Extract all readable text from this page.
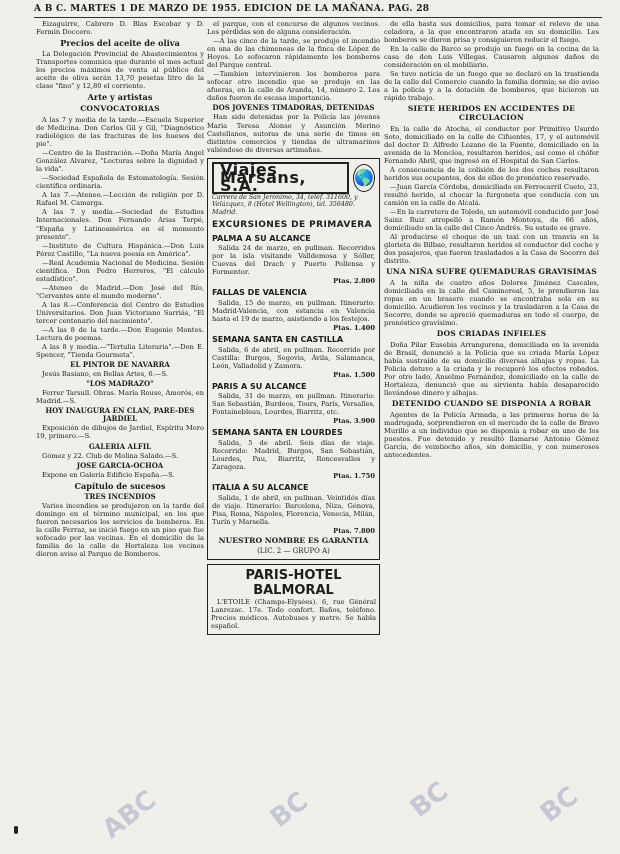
A B C. MARTES 1 DE MARZO DE 1955. EDICION DE LA MAÑANA. PAG. 28

Eizaguirre, Cabrero D. Blas Escobar y D. Fermin Doccero.

Precios del aceite de oliva

La Delegación Provincial de Abastecimientos y Transportes comunica que durante el mes actual los precios máximos de venta al público del aceite de oliva serán 13,70 pesetas litro de la clase "fino" y 12,80 el corriente.

Arte y artistas
CONVOCATORIAS

A las 7 y media de la tarde.—Escuela Superior de Medicina. Don Carlos Gil y Gil, "Diagnóstico radiológico de las fracturas de los huesos del pie".

—Centro de la Ilustración.—Doña María Angel González Alvarez, "Lecturas sobre la dignidad y la vida".

—Sociedad Española de Estomatología. Sesión científica ordinaria.

A las 7.—Ateneo.—Lección de religión por D. Rafael M. Camarga.

A las 7 y media.—Sociedad de Estudios Internacionales. Don Fernando Arias Terpé, "España y Latinoamérica en el momento presente".

—Instituto de Cultura Hispánica.—Don Luis Pérez Castillo, "La nueva poesía en América".

—Real Academia Nacional de Medicina. Sesión científica. Don Pedro Herreros, "El cálculo estadístico".

—Ateneo de Madrid.—Don José del Río, "Cervantes ante el mundo moderno".

A las 8.—Conferencia del Centro de Estudios Universitarios. Don Juan Victoriano Sarriás, "El tercer centenario del nacimiento".

—A las 8 de la tarde.—Don Eugenio Montes. Lectura de poemas.

A las 8 y media.—"Tertulia Literaria".—Don E. Spencer, "Tienda Gourmeta".

EL PINTOR DE NAVARRA

Jesús Basiano, en Bellas Artes, 6.—S.

"LOS MADRAZO"

Ferrer Tarsull. Obras. María Rouse, Amorós, en Madrid.—S.

HOY INAUGURA EN CLAN, PARE-DES JARDIEL

Exposición de dibujos de Jardiel, Espíritu Moro 19, primero.—S.

GALERIA ALFIL

Gómez y 22. Club de Molina Salado.—S.

JOSE GARCIA-OCHOA

Expone en Galería Edificio España.—S.

Capítulo de sucesos
TRES INCENDIOS

Varios incendios se produjeron en la tarde del domingo en el término municipal, en los que fueron necesarios los servicios de bomberos. En la calle Ferraz, se inició fuego en un piso que fue sofocado por las vecinas. En el domicilio de la familia de la calle de Hortaleza los vecinos dieron aviso al Parque de Bomberos.

el parque, con el concurso de algunos vecinos. Los pérdidas son de alguna consideración.

—A las cinco de la tarde, se produjo el incendio en una de las chimeneas de la finca de López de Hoyos. Lo sofocaron rápidamente los bomberos del Parque central.

—Tambien intervinieron los bomberos para sofocar otro incendio que se produjo en las afueras, en la calle de Aranda, 14, número 2. Los daños fueron de escasa importancia.

DOS JOVENES TIMADORAS, DETENIDAS

Han sido detenidas por la Policía las jóvenes Maria Teresa Alonso y Asunción Merino Castellanos, autoras de una serie de timos en distintos comercios y tiendas de ultramarinos valiéndose de diversas artimañas.

Viajes Marsans, S.A.	🌎
Carrera de San Jerónimo, 34, teléf. 311600, y Velázquez, 8 (Hotel Wellington), tel. 356480. Madrid.
EXCURSIONES DE PRIMAVERA
PALMA A SU ALCANCE

Salida 24 de marzo, en pullman. Recorridos por la isla visitando Valldemosa y Sóller, Cuevas del Drach y Puerto Pollensa y Formentor.

Ptas. 2.800

FALLAS DE VALENCIA

Salida, 15 de marzo, en pullman. Itinerario: Madrid-Valencia, con estancia en Valencia hasta el 19 de marzo, asistiendo a los festejos.

Ptas. 1.400

SEMANA SANTA EN CASTILLA

Salida, 6 de abril, en pullman. Recorrido por Castilla: Burgos, Segovia, Ávila, Salamanca, León, Valladolid y Zamora.

Ptas. 1.500

PARIS A SU ALCANCE

Salida, 31 de marzo, en pullman. Itinerario: San Sebastián, Burdeos, Tours, París, Versalles, Fontainebleau, Lourdes, Biarritz, etc.

Ptas. 3.900

SEMANA SANTA EN LOURDES

Salida, 5 de abril. Seis días de viaje. Recorrido: Madrid, Burgos, San Sebastián, Lourdes, Pau, Biarritz, Roncesvalles y Zaragoza.

Ptas. 1.750

ITALIA A SU ALCANCE

Salida, 1 de abril, en pullman. Veintidós días de viaje. Itinerario: Barcelona, Niza, Génova, Pisa, Roma, Nápoles, Florencia, Venecia, Milán, Turín y Marsella.

Ptas. 7.800

NUESTRO NOMBRE ES GARANTIA
(LIC. 2 — GRUPO A)
PARIS-HOTEL BALMORAL

L'ETOILE (Champs-Elysées). 6, rue Général Lanrezac. 17e. Todo confort. Baños, teléfono. Precios módicos. Autobuses y metro. Se habla español.

de ella hasta sus domicilios, para tomar el relevo de una celadora, a la que encontraron atada en su domicilio. Los bomberos se dieron prisa y consiguieron reducir el fuego.

En la calle de Barco se produjo un fuego en la cocina de la casa de don Luis Villegas. Causaron algunos daños de consideración en el mobiliario.

Se tuvo noticia de un fuego que se declaró en la trastienda de la calle del Comercio cuando la familia dormía; se dio aviso a la policía y a la dotación de bomberos, que hicieron un rápido trabajo.

SIETE HERIDOS EN ACCIDENTES DE CIRCULACION

En la calle de Atocha, el conductor por Primitivo Usurdo Soto, domiciliado en la calle de Cifuentes, 17, y el automóvil del doctor D. Alfredo Lozano de la Fuente, domiciliado en la avenida de la Moncloa, resultaron heridos, así como el chófer Fernando Abril, que ingresó en el Hospital de San Carlos.

A consecuencia de la colisión de los dos coches resultaron heridos sus ocupantes, dos de ellos de pronóstico reservado.

—Juan García Córdoba, domiciliado en Ferrocarril Cueto, 23, resultó herido, al chocar la furgoneta que conducía con un camión en la calle de Alcalá.

—En la carretera de Toledo, un automóvil conducido por José Sainz Ruiz atropelló a Ramón Montoya, de 66 años, domiciliado en la calle del Cinco Andrés. Su estado es grave.

Al producirse el choque de un taxi con un tranvía en la glorieta de Bilbao, resultaron heridos el conductor del coche y dos pasajeros, que fueron trasladados a la Casa de Socorro del distrito.

UNA NIÑA SUFRE QUEMADURAS GRAVISIMAS

A la niña de cuatro años Dolores Jiménez Cascales, domiciliada en la calle del Caminoreal, 5, le prendieron las ropas en un brasero cuando se encontraba sola en su domicilio. Acudieron los vecinos y la trasladaron a la Casa de Socorro, donde se apreció quemaduras en todo el cuerpo, de pronóstico gravísimo.

DOS CRIADAS INFIELES

Doña Pilar Eusebia Arrangurena, domiciliada en la avenida de Brasil, denunció a la Policía que su criada María López había sustraído de su domicilio diversas alhajas y ropas. La Policía detuvo a la criada y le recuperó los efectos robados. Por otro lado, Anselmo Fernández, domiciliado en la calle de Hortaleza, denunció que su sirvienta había desaparecido llevándose dinero y alhajas.

DETENIDO CUANDO SE DISPONIA A ROBAR

Agentes de la Policía Armada, a las primeras horas de la madrugada, sorprendieron en el mercado de la calle de Bravo Murillo a un individuo que se disponía a robar en uno de los puestos. Fue detenido y resultó llamarse Antonio Gómez García, de veintiocho años, sin domicilio, y con numerosos antecedentes.

ABC	BC	BC	BC
